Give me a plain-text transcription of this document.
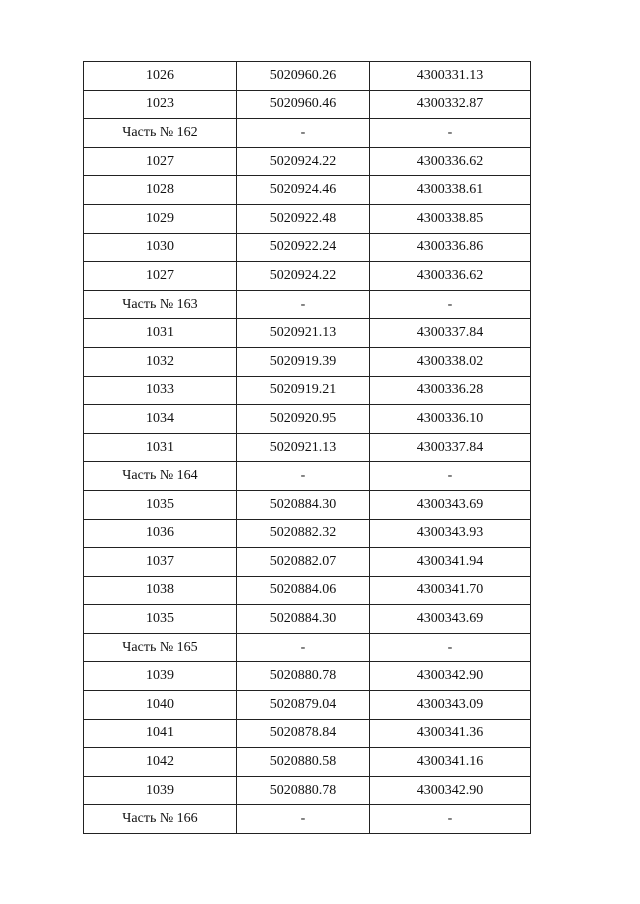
1026	5020960.26	4300331.13
1023	5020960.46	4300332.87
Часть № 162	-	-
1027	5020924.22	4300336.62
1028	5020924.46	4300338.61
1029	5020922.48	4300338.85
1030	5020922.24	4300336.86
1027	5020924.22	4300336.62
Часть № 163	-	-
1031	5020921.13	4300337.84
1032	5020919.39	4300338.02
1033	5020919.21	4300336.28
1034	5020920.95	4300336.10
1031	5020921.13	4300337.84
Часть № 164	-	-
1035	5020884.30	4300343.69
1036	5020882.32	4300343.93
1037	5020882.07	4300341.94
1038	5020884.06	4300341.70
1035	5020884.30	4300343.69
Часть № 165	-	-
1039	5020880.78	4300342.90
1040	5020879.04	4300343.09
1041	5020878.84	4300341.36
1042	5020880.58	4300341.16
1039	5020880.78	4300342.90
Часть № 166	-	-
